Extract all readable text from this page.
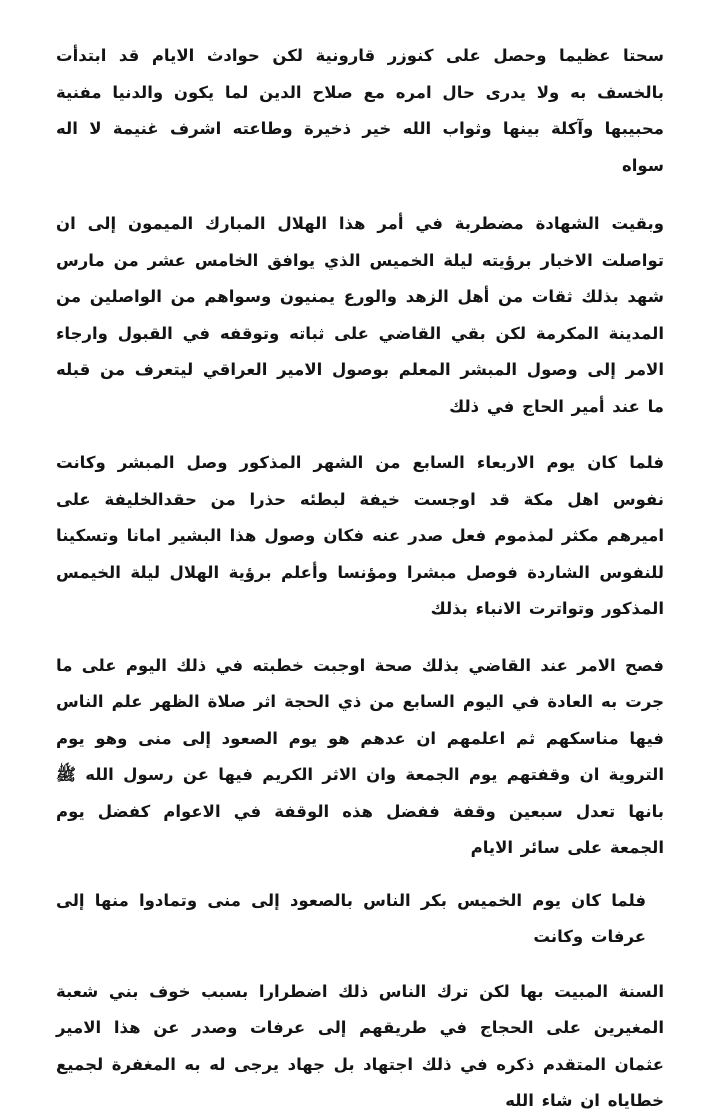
سحتا عظيما وحصل على كنوزر قارونية لكن حوادث الايام قد ابتدأت بالخسف به ولا يدرى حال امره مع صلاح الدين لما يكون والدنيا مفنية محبيبها وآكلة بينها وثواب الله خير ذخيرة وطاعته اشرف غنيمة لا اله سواه

وبقيت الشهادة مضطربة في أمر هذا الهلال المبارك الميمون إلى ان تواصلت الاخبار برؤيته ليلة الخميس الذي يوافق الخامس عشر من مارس شهد بذلك ثقات من أهل الزهد والورع يمنيون وسواهم من الواصلين من المدينة المكرمة لكن بقي القاضي على ثباته وتوقفه في القبول وارجاء الامر إلى وصول المبشر المعلم بوصول الامير العراقي ليتعرف من قبله ما عند أمير الحاج في ذلك

فلما كان يوم الاربعاء السابع من الشهر المذكور وصل المبشر وكانت نفوس اهل مكة قد اوجست خيفة لبطئه حذرا من حقدالخليفة على اميرهم مكثر لمذموم فعل صدر عنه فكان وصول هذا البشير امانا وتسكينا للنفوس الشاردة فوصل مبشرا ومؤنسا وأعلم برؤية الهلال ليلة الخيمس المذكور وتواترت الانباء بذلك

فصح الامر عند القاضي بذلك صحة اوجبت خطبته في ذلك اليوم على ما جرت به العادة في اليوم السابع من ذي الحجة اثر صلاة الظهر علم الناس فيها مناسكهم ثم اعلمهم ان عدهم هو يوم الصعود إلى منى وهو يوم التروية ان وقفتهم يوم الجمعة وان الاثر الكريم فيها عن رسول الله ﷺ بانها تعدل سبعين وقفة ففضل هذه الوقفة في الاعوام كفضل يوم الجمعة على سائر الايام

فلما كان يوم الخميس بكر الناس بالصعود إلى منى وتمادوا منها إلى عرفات وكانت

السنة المبيت بها لكن ترك الناس ذلك اضطرارا بسبب خوف بني شعبة المغيرين على الحجاج في طريقهم إلى عرفات وصدر عن هذا الامير عثمان المتقدم ذكره في ذلك اجتهاد بل جهاد يرجى له به المغفرة لجميع خطاياه ان شاء الله
